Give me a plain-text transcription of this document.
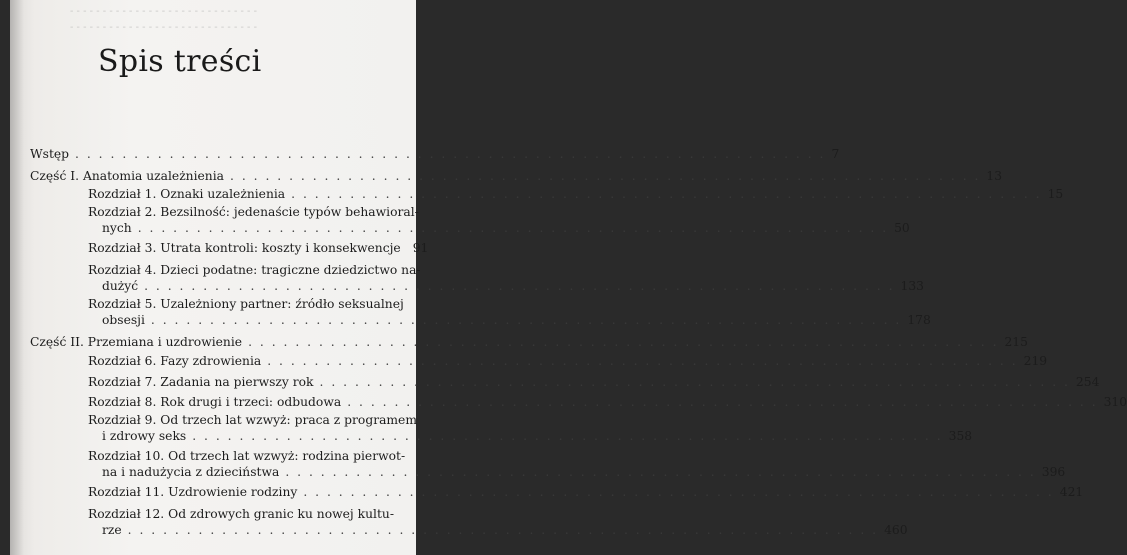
- - - - - - - - - - - - - - - - - - - - - - - - - - - - -
- - - - - - - - - - - - - - - - - - - - - - - - - - - - -
Spis treści
Wstęp . . .	7
Część I. Anatomia uzależnienia . . .	13
Rozdział 1. Oznaki uzależnienia . . .	15
Rozdział 2. Bezsilność: jedenaście typów behawioral-
nych . . .	50
Rozdział 3. Utrata kontroli: koszty i konsekwencje 91
Rozdział 4. Dzieci podatne: tragiczne dziedzictwo na-
dużyć . . .	133
Rozdział 5. Uzależniony partner: źródło seksualnej
obsesji . . .	178
Część II. Przemiana i uzdrowienie . . .	215
Rozdział 6. Fazy zdrowienia . . .	219
Rozdział 7. Zadania na pierwszy rok . . .	254
Rozdział 8. Rok drugi i trzeci: odbudowa . . .	310
Rozdział 9. Od trzech lat wzwyż: praca z programem
i zdrowy seks . . .	358
Rozdział 10. Od trzech lat wzwyż: rodzina pierwot-
na i nadużycia z dzieciństwa . . .	396
Rozdział 11. Uzdrowienie rodziny . . .	421
Rozdział 12. Od zdrowych granic ku nowej kultu-
rze . . .	460
